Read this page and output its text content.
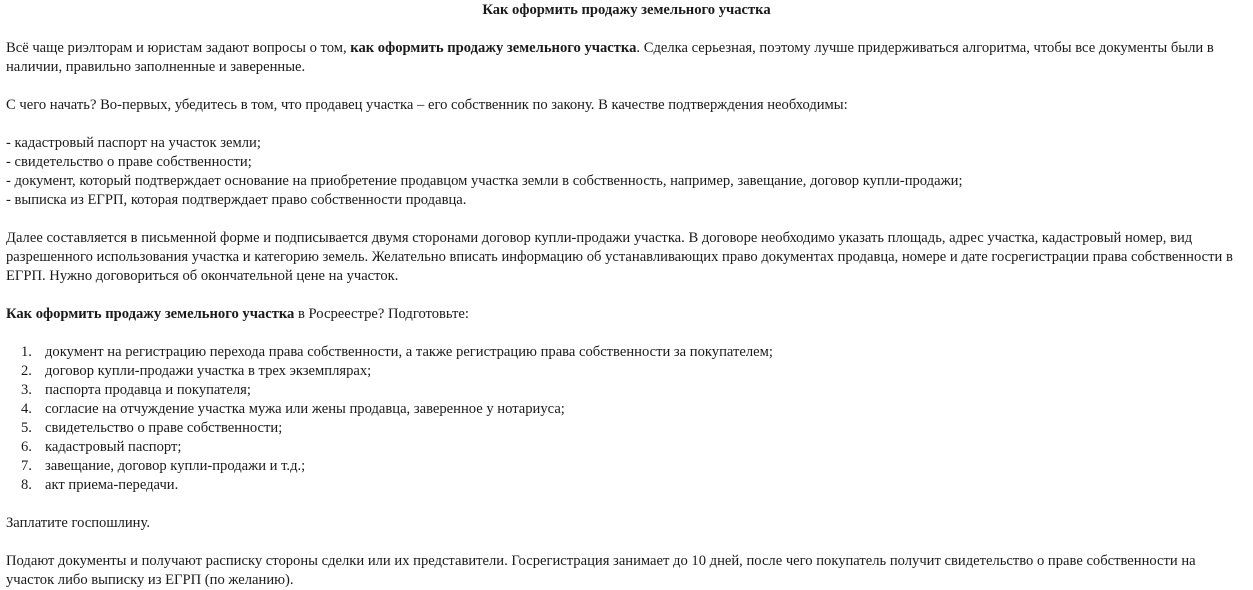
Как оформить продажу земельного участка

Всё чаще риэлторам и юристам задают вопросы о том, как оформить продажу земельного участка. Сделка серьезная, поэтому лучше придерживаться алгоритма, чтобы все документы были в наличии, правильно заполненные и заверенные.

С чего начать? Во-первых, убедитесь в том, что продавец участка – его собственник по закону. В качестве подтверждения необходимы:

- кадастровый паспорт на участок земли;
- свидетельство о праве собственности;
- документ, который подтверждает основание на приобретение продавцом участка земли в собственность, например, завещание, договор купли-продажи;
- выписка из ЕГРП, которая подтверждает право собственности продавца.

Далее составляется в письменной форме и подписывается двумя сторонами договор купли-продажи участка. В договоре необходимо указать площадь, адрес участка, кадастровый номер, вид разрешенного использования участка и категорию земель. Желательно вписать информацию об устанавливающих право документах продавца, номере и дате госрегистрации права собственности в ЕГРП. Нужно договориться об окончательной цене на участок.

Как оформить продажу земельного участка в Росреестре? Подготовьте:

1. документ на регистрацию перехода права собственности, а также регистрацию права собственности за покупателем;
2. договор купли-продажи участка в трех экземплярах;
3. паспорта продавца и покупателя;
4. согласие на отчуждение участка мужа или жены продавца, заверенное у нотариуса;
5. свидетельство о праве собственности;
6. кадастровый паспорт;
7. завещание, договор купли-продажи и т.д.;
8. акт приема-передачи.

Заплатите госпошлину.

Подают документы и получают расписку стороны сделки или их представители. Госрегистрация занимает до 10 дней, после чего покупатель получит свидетельство о праве собственности на участок либо выписку из ЕГРП (по желанию).
